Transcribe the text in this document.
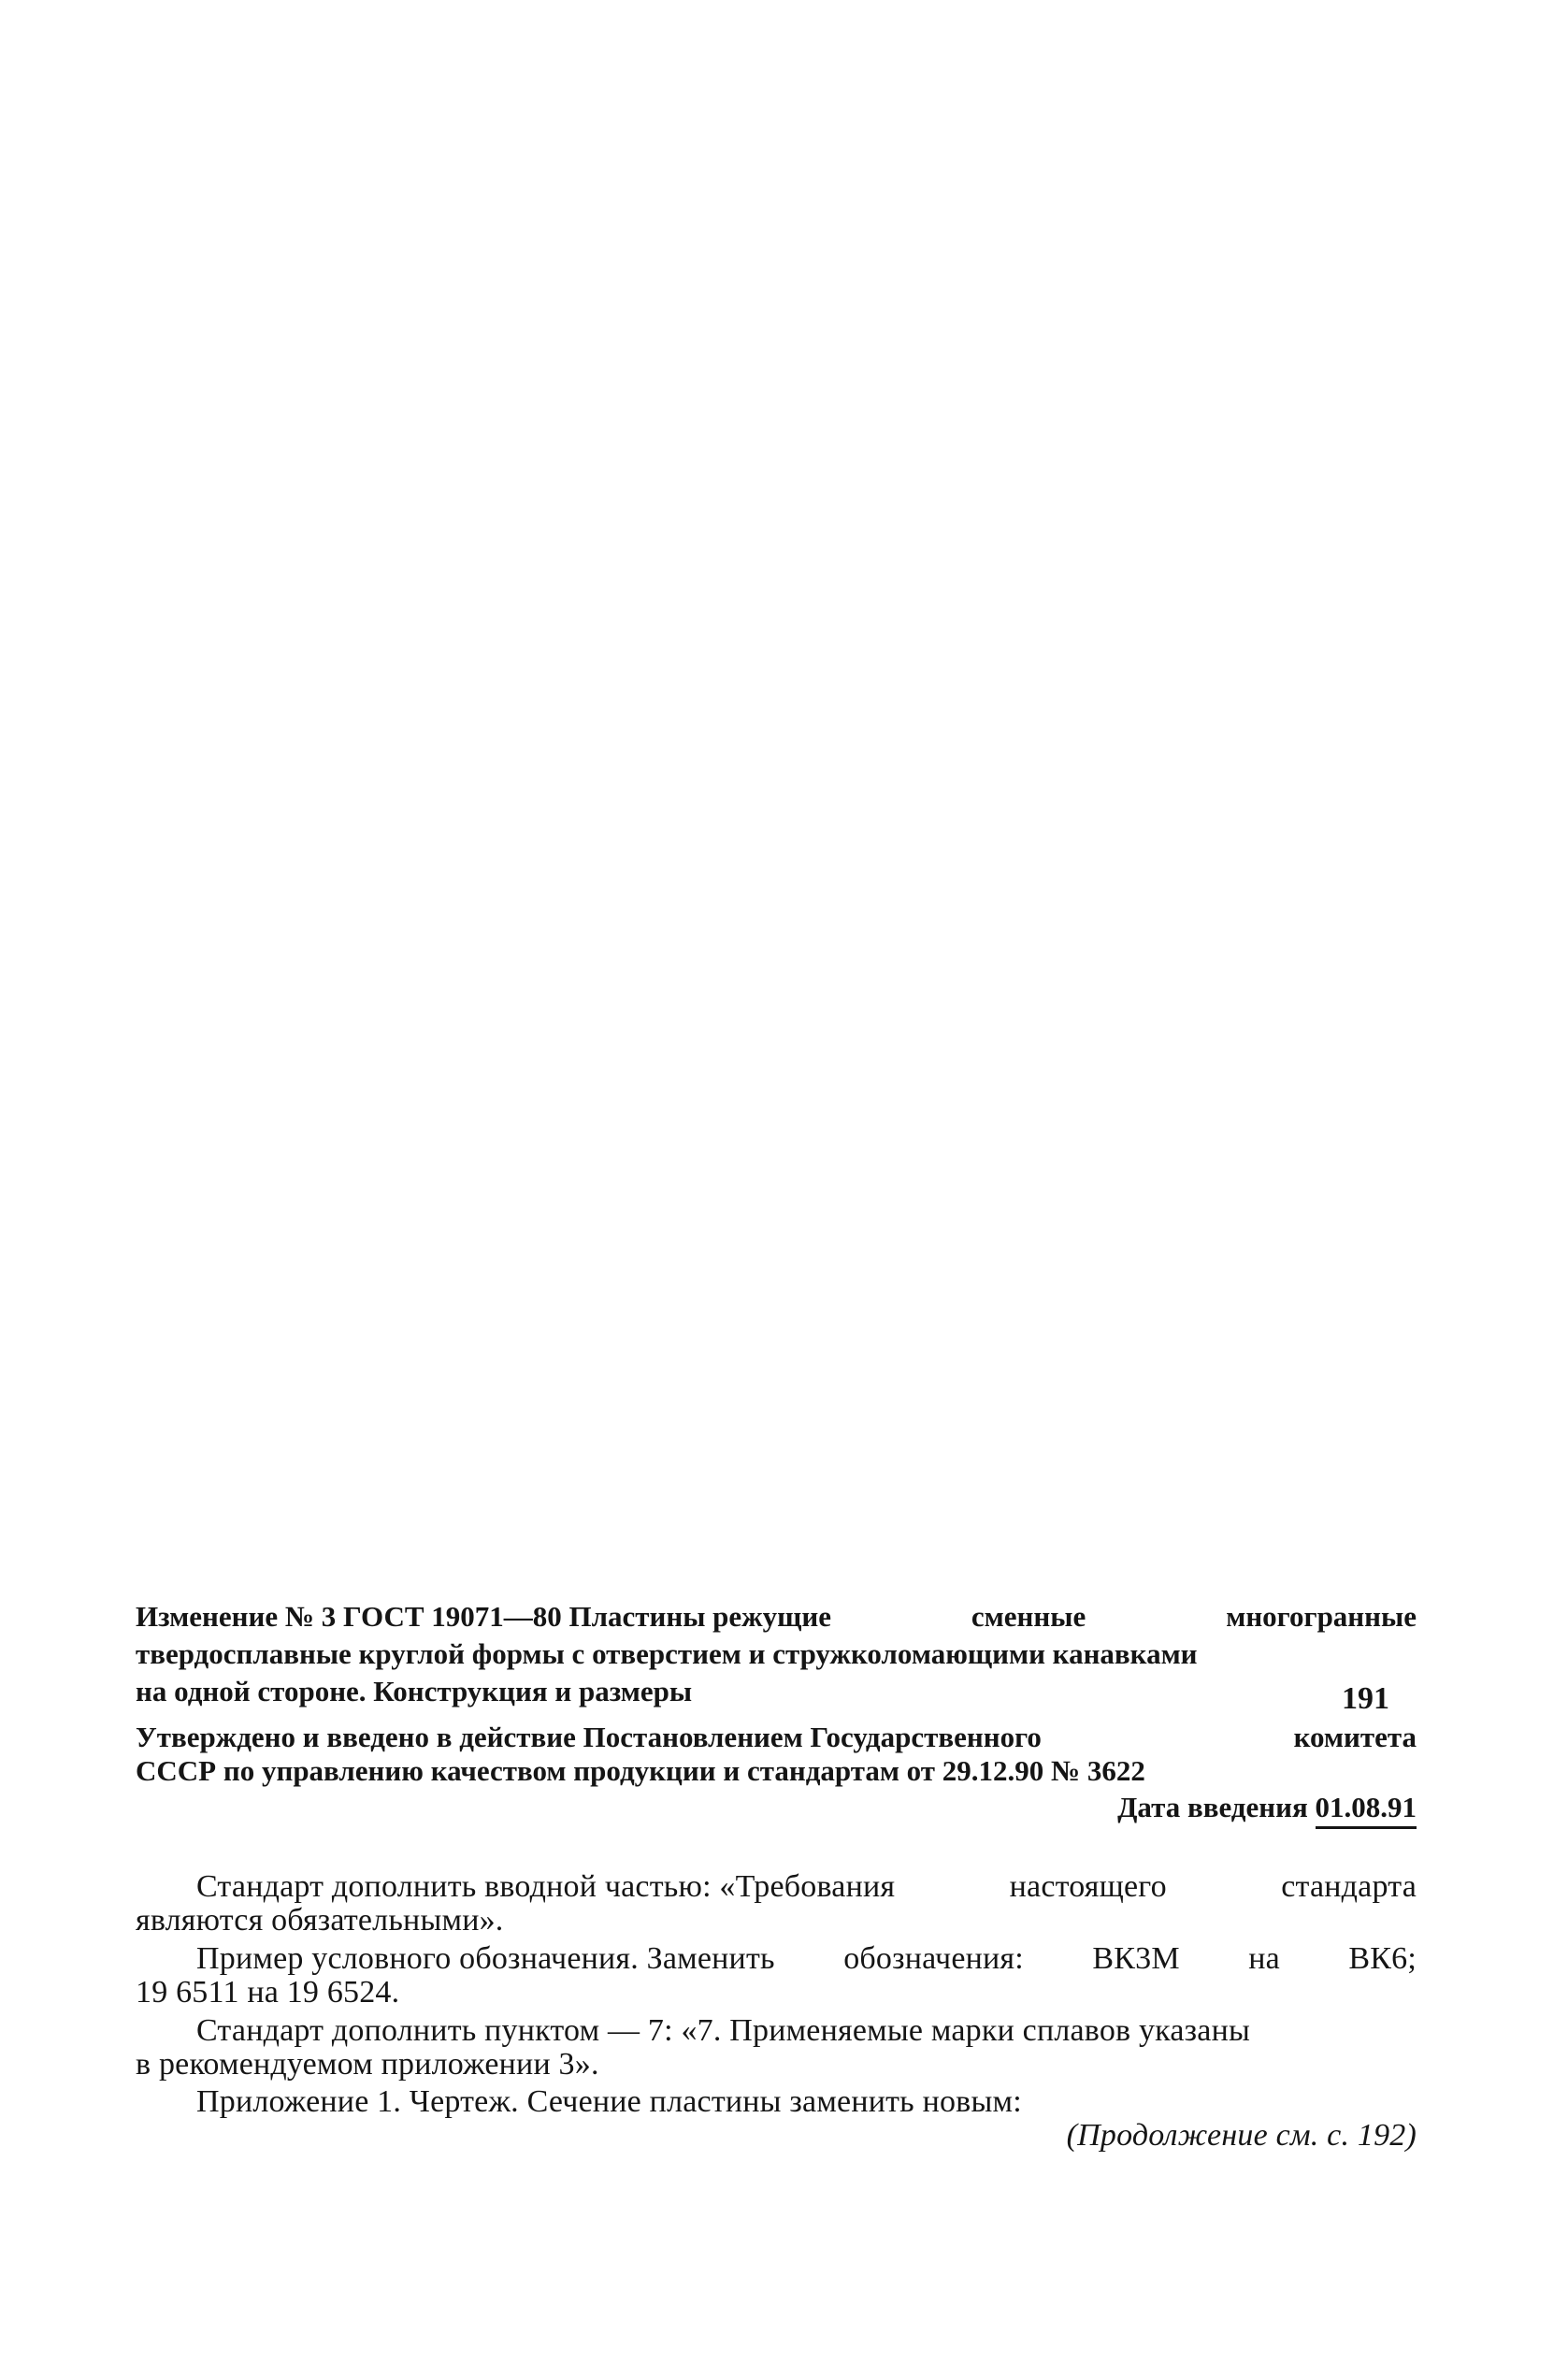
Изменение № 3 ГОСТ 19071—80 Пластины режущие	сменные	многогранные
твердосплавные круглой формы с отверстием и стружколомающими канавками
на одной стороне. Конструкция и размеры
Утверждено и введено в действие Постановлением Государственного	комитета
СССР по управлению качеством продукции и стандартам от 29.12.90 № 3622
Дата введения 01.08.91
Стандарт дополнить вводной частью: «Требования	настоящего	стандарта
являются обязательными».
Пример условного обозначения. Заменить обозначения: ВК3М на ВК6;
19 6511 на 19 6524.
Стандарт дополнить пунктом — 7: «7. Применяемые марки сплавов указаны
в рекомендуемом приложении 3».
Приложение 1. Чертеж. Сечение пластины заменить новым:
(Продолжение см. с. 192)
191
